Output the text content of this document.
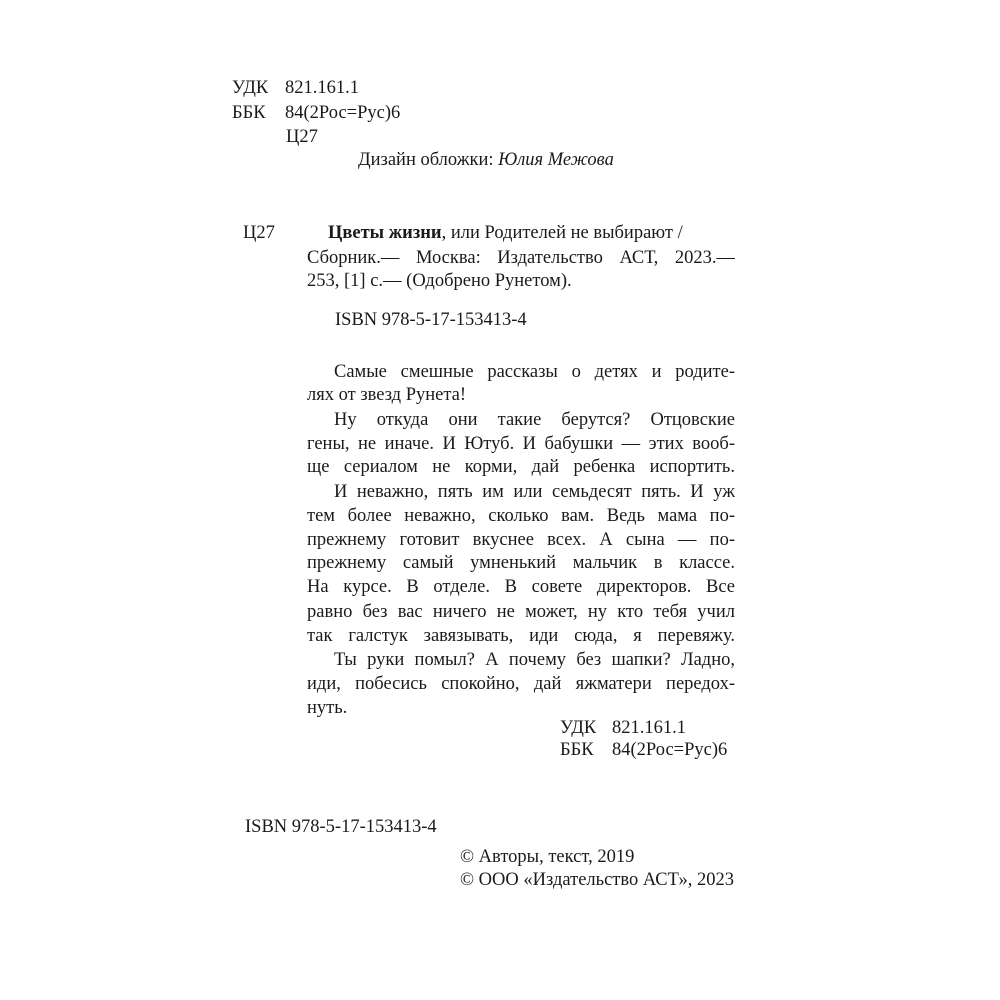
УДК 821.161.1
ББК 84(2Рос=Рус)6
Ц27
Дизайн обложки: Юлия Межова
Ц27	Цветы жизни, или Родителей не выбирают /
Сборник.— Москва: Издательство АСТ, 2023.—
253, [1] с.— (Одобрено Рунетом).
ISBN 978-5-17-153413-4
Самые смешные рассказы о детях и родите-
лях от звезд Рунета!
Ну откуда они такие берутся? Отцовские
гены, не иначе. И Ютуб. И бабушки — этих вооб-
ще сериалом не корми, дай ребенка испортить.
И неважно, пять им или семьдесят пять. И уж
тем более неважно, сколько вам. Ведь мама по-
прежнему готовит вкуснее всех. А сына — по-
прежнему самый умненький мальчик в классе.
На курсе. В отделе. В совете директоров. Все
равно без вас ничего не может, ну кто тебя учил
так галстук завязывать, иди сюда, я перевяжу.
Ты руки помыл? А почему без шапки? Ладно,
иди, побесись спокойно, дай яжматери передох-
нуть.
УДК 821.161.1
ББК 84(2Рос=Рус)6
ISBN 978-5-17-153413-4
© Авторы, текст, 2019
© ООО «Издательство АСТ», 2023
